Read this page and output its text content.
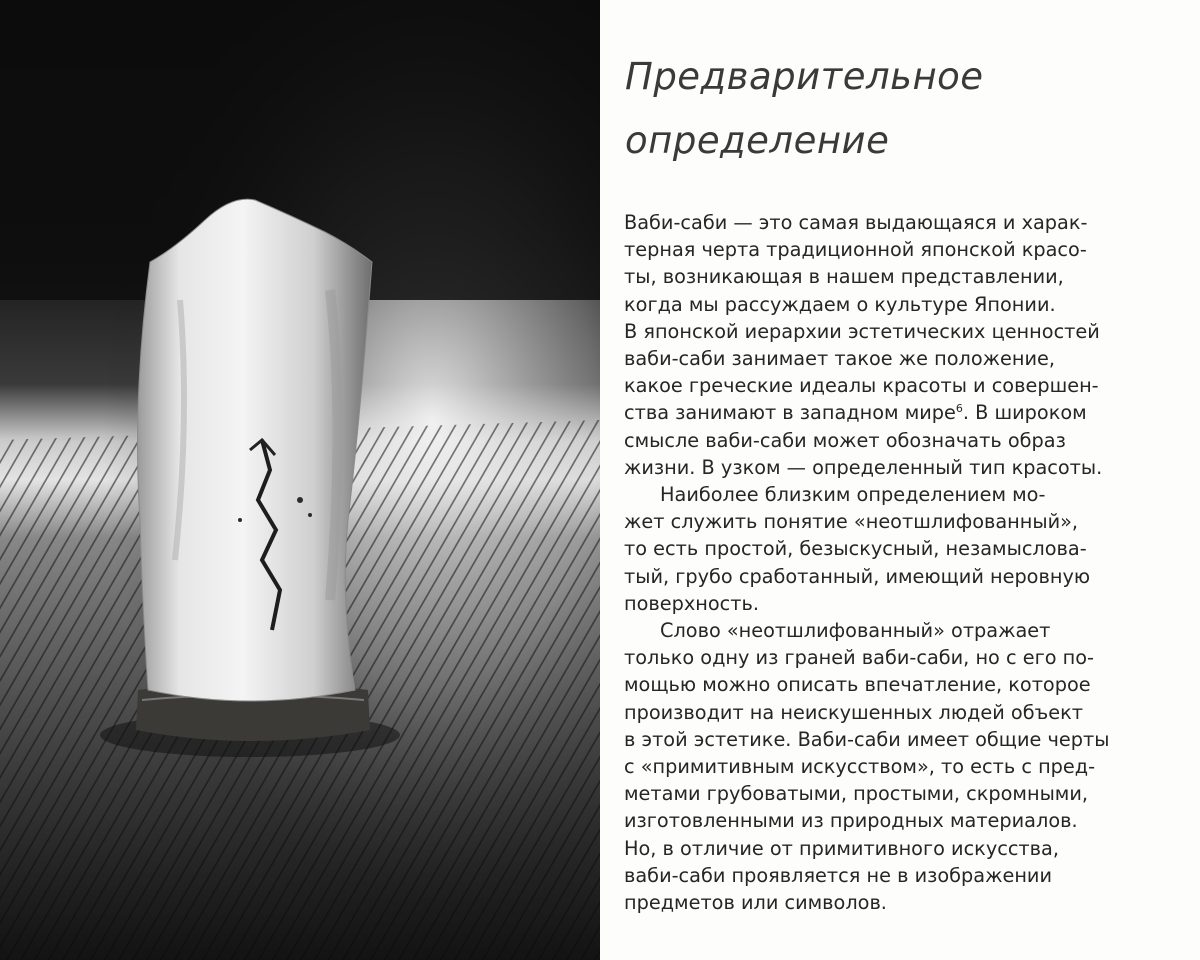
Предварительное
определение
Ваби-саби — это самая выдающаяся и харак-
терная черта традиционной японской красо-
ты, возникающая в нашем представлении,
когда мы рассуждаем о культуре Японии.
В японской иерархии эстетических ценностей
ваби-саби занимает такое же положение,
какое греческие идеалы красоты и совершен-
ства занимают в западном мире$^6$. В широком
смысле ваби-саби может обозначать образ
жизни. В узком — определенный тип красоты.
Наиболее близким определением мо-
жет служить понятие «неотшлифованный»,
то есть простой, безыскусный, незамыслова-
тый, грубо сработанный, имеющий неровную
поверхность.
Слово «неотшлифованный» отражает
только одну из граней ваби-саби, но с его по-
мощью можно описать впечатление, которое
производит на неискушенных людей объект
в этой эстетике. Ваби-саби имеет общие черты
с «примитивным искусством», то есть с пред-
метами грубоватыми, простыми, скромными,
изготовленными из природных материалов.
Но, в отличие от примитивного искусства,
ваби-саби проявляется не в изображении
предметов или символов.
